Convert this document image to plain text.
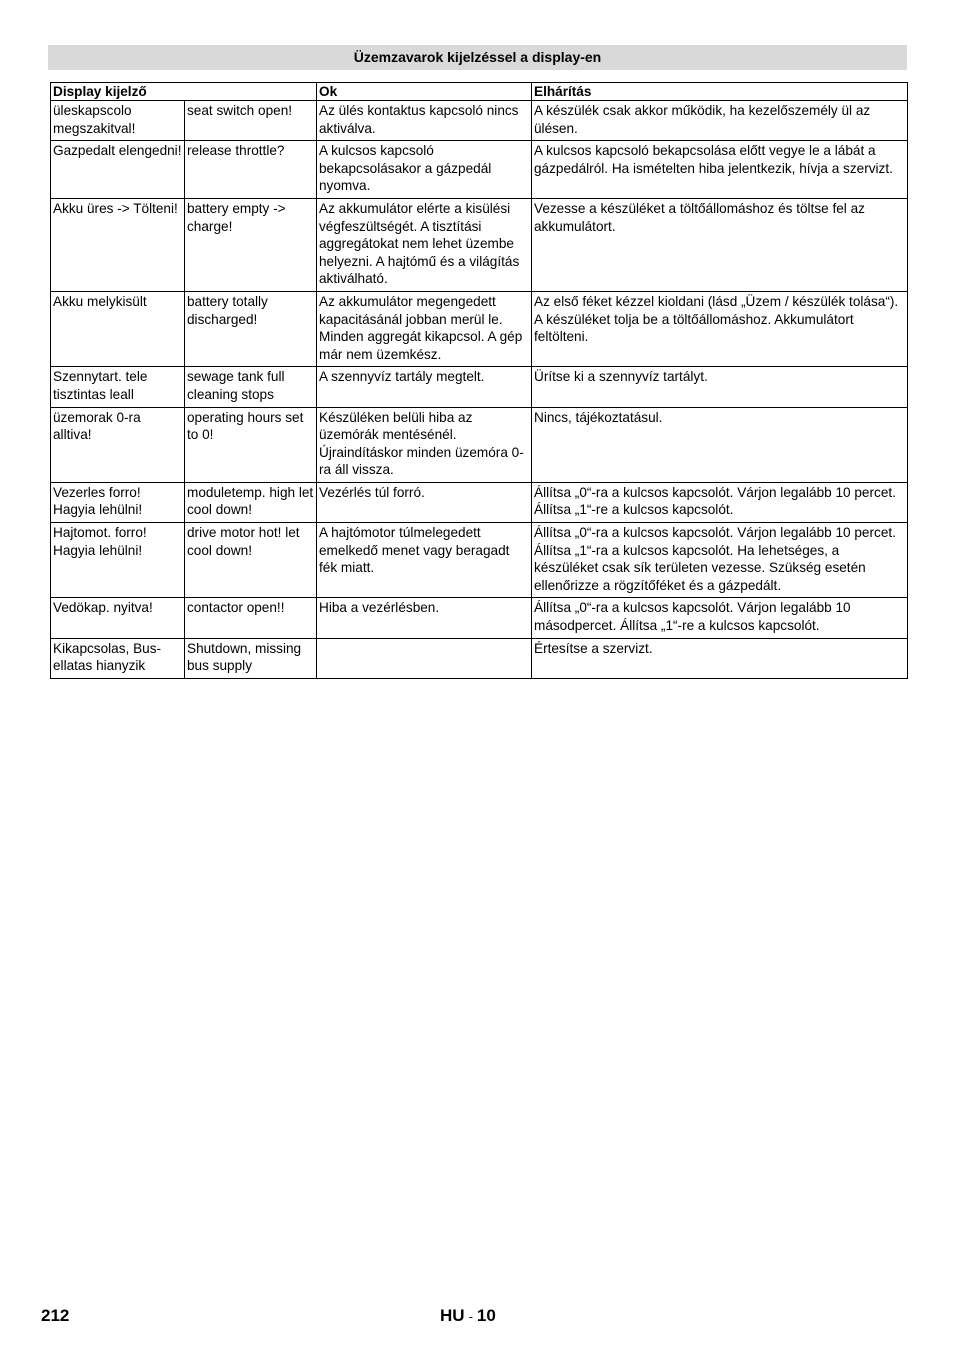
Üzemzavarok kijelzéssel a display-en
Display kijelző		Ok	Elhárítás
üleskapscolo megszakitval!	seat switch open!	Az ülés kontaktus kapcsoló nincs aktiválva.	A készülék csak akkor működik, ha kezelőszemély ül az ülésen.
Gazpedalt elengedni!	release throttle?	A kulcsos kapcsoló bekapcsolásakor a gázpedál nyomva.	A kulcsos kapcsoló bekapcsolása előtt vegye le a lábát a gázpedálról. Ha ismételten hiba jelentkezik, hívja a szervizt.
Akku üres -> Tölteni!	battery empty -> charge!	Az akkumulátor elérte a kisülési végfeszültségét. A tisztítási aggregátokat nem lehet üzembe helyezni. A hajtómű és a világítás aktiválható.	Vezesse a készüléket a töltőállomáshoz és töltse fel az akkumulátort.
Akku melykisült	battery totally discharged!	Az akkumulátor megengedett kapacitásánál jobban merül le. Minden aggregát kikapcsol. A gép már nem üzemkész.	Az első féket kézzel kioldani (lásd „Üzem / készülék tolása“). A készüléket tolja be a töltőállomáshoz. Akkumulátort feltölteni.
Szennytart. tele tisztintas leall	sewage tank full cleaning stops	A szennyvíz tartály megtelt.	Ürítse ki a szennyvíz tartályt.
üzemorak 0-ra alltiva!	operating hours set to 0!	Készüléken belüli hiba az üzemórák mentésénél. Újraindításkor minden üzemóra 0-ra áll vissza.	Nincs, tájékoztatásul.
Vezerles forro! Hagyia lehülni!	moduletemp. high let cool down!	Vezérlés túl forró.	Állítsa „0“-ra a kulcsos kapcsolót. Várjon legalább 10 percet. Állítsa „1“-re a kulcsos kapcsolót.
Hajtomot. forro! Hagyia lehülni!	drive motor hot! let cool down!	A hajtómotor túlmelegedett emelkedő menet vagy beragadt fék miatt.	Állítsa „0“-ra a kulcsos kapcsolót. Várjon legalább 10 percet. Állítsa „1“-ra a kulcsos kapcsolót. Ha lehetséges, a készüléket csak sík területen vezesse. Szükség esetén ellenőrizze a rögzítőféket és a gázpedált.
Vedökap. nyitva!	contactor open!!	Hiba a vezérlésben.	Állítsa „0“-ra a kulcsos kapcsolót. Várjon legalább 10 másodpercet. Állítsa „1“-re a kulcsos kapcsolót.
Kikapcsolas, Bus-ellatas hianyzik	Shutdown, missing bus supply		Értesítse a szervizt.
212	HU - 10
